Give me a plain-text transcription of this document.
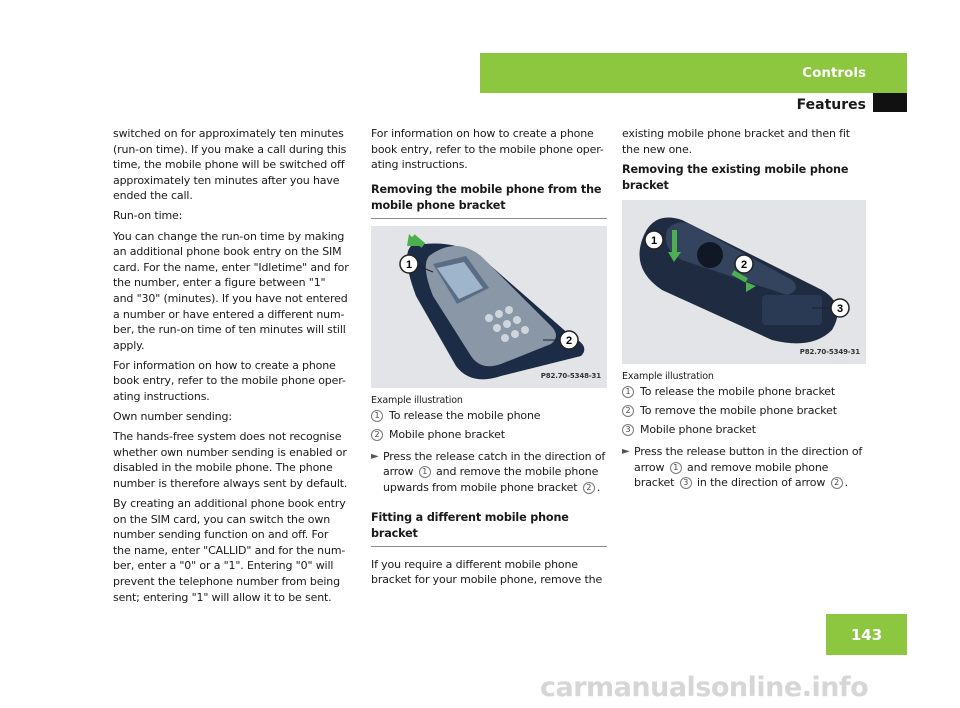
Controls
Features

switched on for approximately ten minutes (run-on time). If you make a call during this time, the mobile phone will be switched off approximately ten minutes after you have ended the call.

Run-on time:

You can change the run-on time by making an additional phone book entry on the SIM card. For the name, enter "Idletime" and for the number, enter a figure between "1" and "30" (minutes). If you have not entered a number or have entered a different num-ber, the run-on time of ten minutes will still apply.

For information on how to create a phone book entry, refer to the mobile phone oper-ating instructions.

Own number sending:

The hands-free system does not recognise whether own number sending is enabled or disabled in the mobile phone. The phone number is therefore always sent by default.

By creating an additional phone book entry on the SIM card, you can switch the own number sending function on and off. For the name, enter "CALLID" and for the num-ber, enter a "0" or a "1". Entering "0" will prevent the telephone number from being sent; entering "1" will allow it to be sent.

For information on how to create a phone book entry, refer to the mobile phone oper-ating instructions.

Removing the mobile phone from the mobile phone bracket
1
2
P82.70-5348-31
Example illustration
1 To release the mobile phone
2 Mobile phone bracket
► Press the release catch in the direction of arrow 1 and remove the mobile phone upwards from mobile phone bracket 2 .
Fitting a different mobile phone bracket

If you require a different mobile phone bracket for your mobile phone, remove the

existing mobile phone bracket and then fit the new one.

Removing the existing mobile phone bracket
1
2
3
P82.70-5349-31
Example illustration
1 To release the mobile phone bracket
2 To remove the mobile phone bracket
3 Mobile phone bracket
► Press the release button in the direction of arrow 1 and remove mobile phone bracket 3 in the direction of arrow 2 .
143
carmanualsonline.info
